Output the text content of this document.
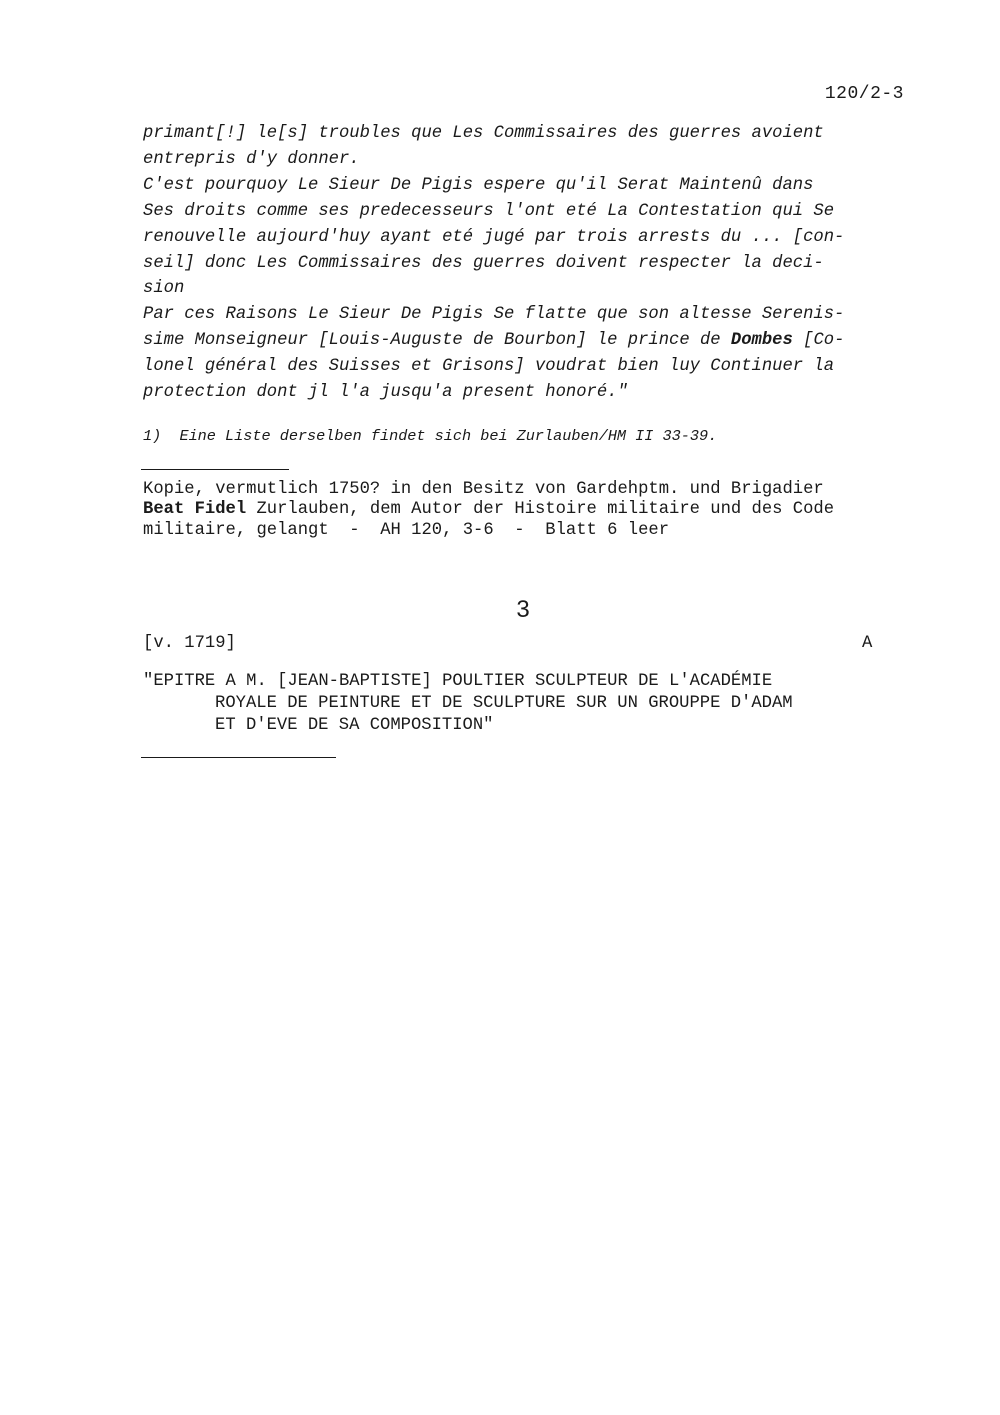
120/2-3
primant[!] le[s] troubles que Les Commissaires des guerres avoient
entrepris d'y donner.
C'est pourquoy Le Sieur De Pigis espere qu'il Serat Maintenû dans
Ses droits comme ses predecesseurs l'ont eté La Contestation qui Se
renouvelle aujourd'huy ayant eté jugé par trois arrests du ... [con-
seil] donc Les Commissaires des guerres doivent respecter la deci-
sion
Par ces Raisons Le Sieur De Pigis Se flatte que son altesse Serenis-
sime Monseigneur [Louis-Auguste de Bourbon] le prince de Dombes [Co-
lonel général des Suisses et Grisons] voudrat bien luy Continuer la
protection dont jl l'a jusqu'a present honoré."
1)  Eine Liste derselben findet sich bei Zurlauben/HM II 33-39.
Kopie, vermutlich 1750? in den Besitz von Gardehptm. und Brigadier
Beat Fidel Zurlauben, dem Autor der Histoire militaire und des Code
militaire, gelangt  -  AH 120, 3-6  -  Blatt 6 leer
3
[v. 1719]	A
"EPITRE A M. [JEAN-BAPTISTE] POULTIER SCULPTEUR DE L'ACADÉMIE
ROYALE DE PEINTURE ET DE SCULPTURE SUR UN GROUPPE D'ADAM
ET D'EVE DE SA COMPOSITION"
